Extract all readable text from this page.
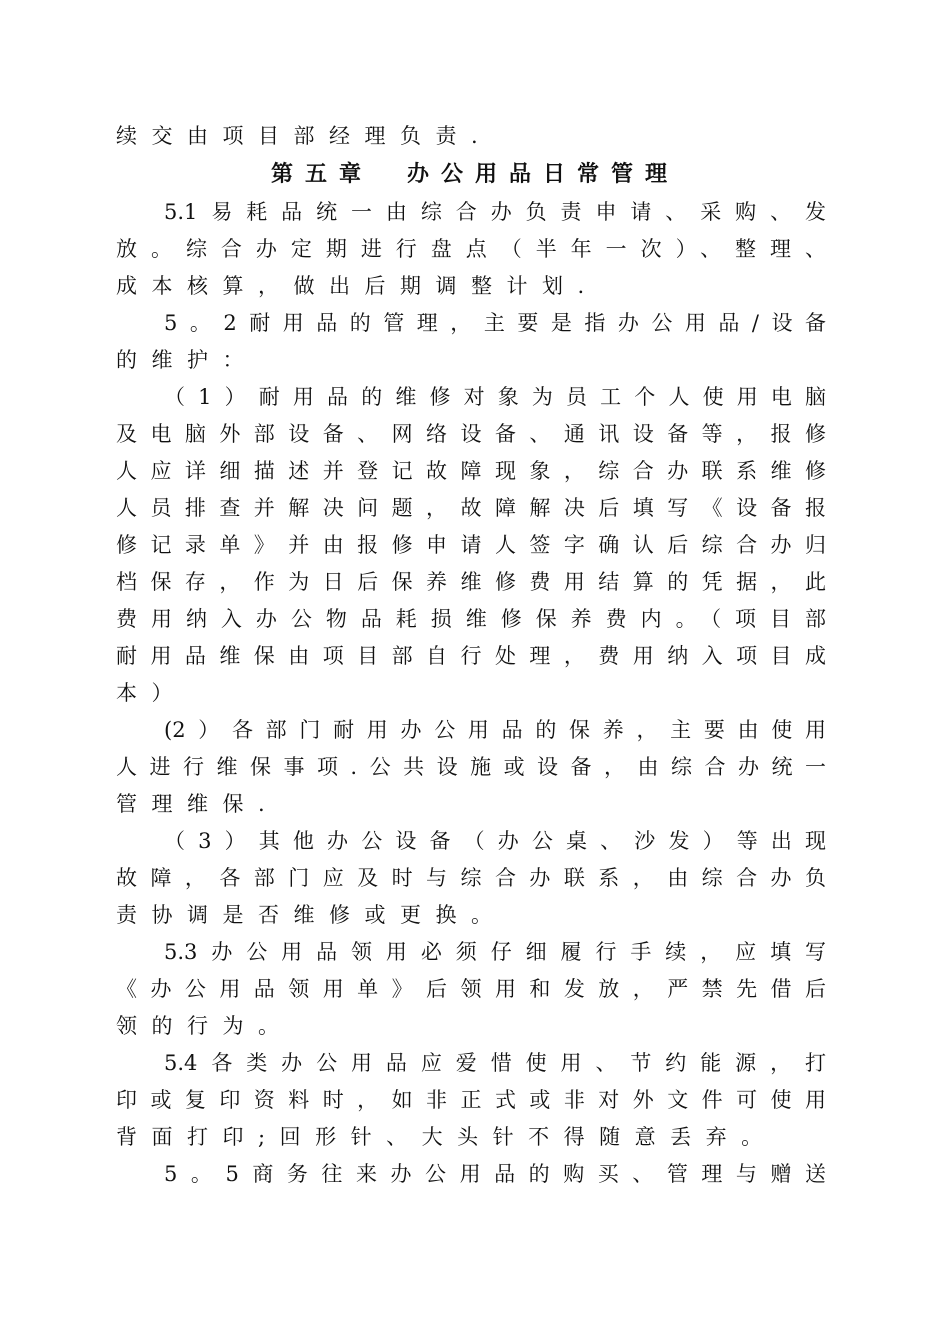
续交由项目部经理负责.
第五章　办公用品日常管理
5.1易耗品统一由综合办负责申请、采购、发
放。综合办定期进行盘点（半年一次）、整理、
成本核算，做出后期调整计划.
5。2耐用品的管理，主要是指办公用品/设备
的维护：
（1）耐用品的维修对象为员工个人使用电脑
及电脑外部设备、网络设备、通讯设备等，报修
人应详细描述并登记故障现象，综合办联系维修
人员排查并解决问题，故障解决后填写《设备报
修记录单》并由报修申请人签字确认后综合办归
档保存，作为日后保养维修费用结算的凭据，此
费用纳入办公物品耗损维修保养费内。（项目部
耐用品维保由项目部自行处理，费用纳入项目成
本）
(2）各部门耐用办公用品的保养，主要由使用
人进行维保事项.公共设施或设备，由综合办统一
管理维保.
（3）其他办公设备（办公桌、沙发）等出现
故障，各部门应及时与综合办联系，由综合办负
责协调是否维修或更换。
5.3办公用品领用必须仔细履行手续，应填写
《办公用品领用单》后领用和发放，严禁先借后
领的行为。
5.4各类办公用品应爱惜使用、节约能源，打
印或复印资料时，如非正式或非对外文件可使用
背面打印;回形针、大头针不得随意丢弃。
5。5商务往来办公用品的购买、管理与赠送
